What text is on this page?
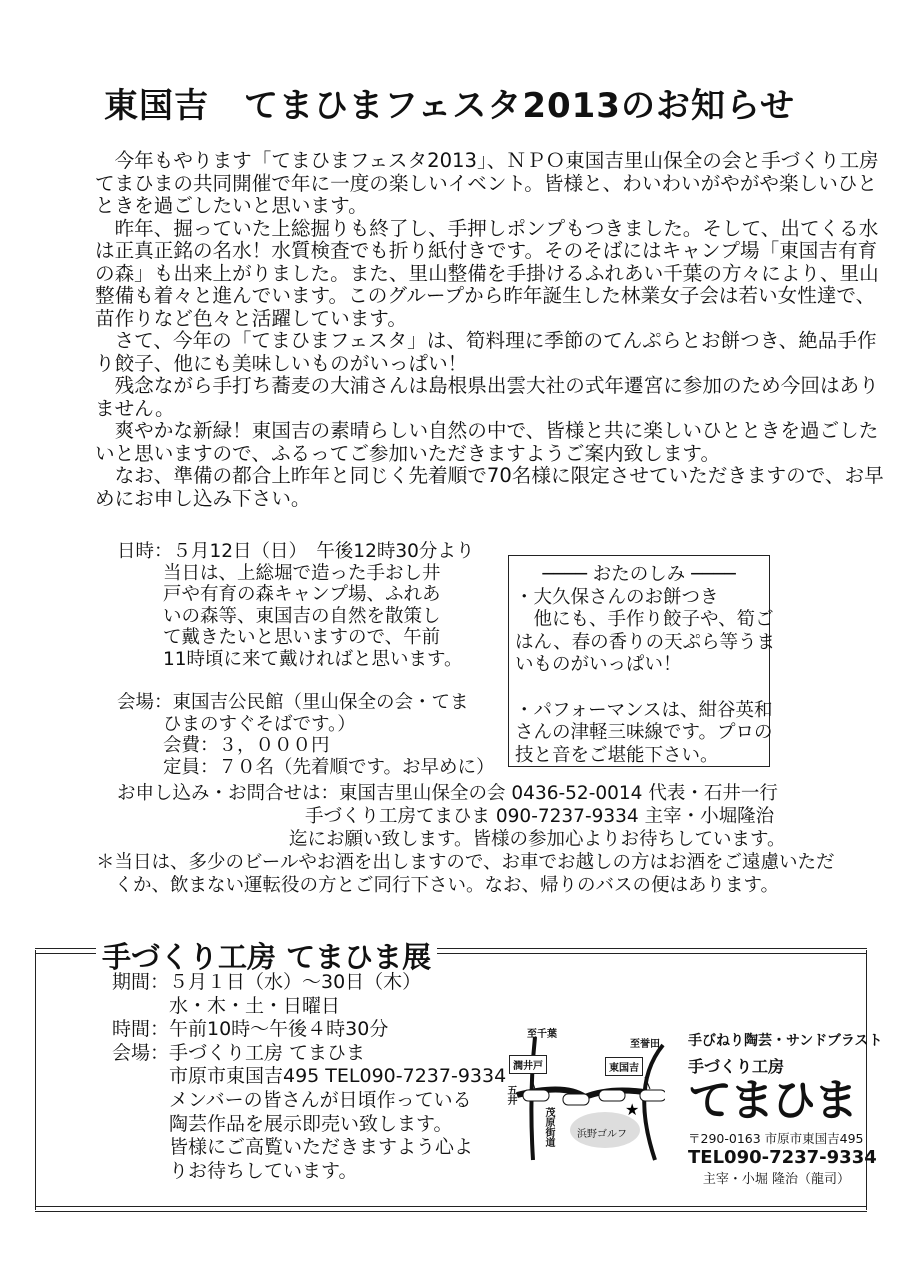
東国吉　てまひまフェスタ2013のお知らせ
　今年もやります「てまひまフェスタ2013」、ＮＰＯ東国吉里山保全の会と手づくり工房
てまひまの共同開催で年に一度の楽しいイベント。皆様と、わいわいがやがや楽しいひと
ときを過ごしたいと思います。
　昨年、掘っていた上総掘りも終了し、手押しポンプもつきました。そして、出てくる水
は正真正銘の名水！水質検査でも折り紙付きです。そのそばにはキャンプ場「東国吉有育
の森」も出来上がりました。また、里山整備を手掛けるふれあい千葉の方々により、里山
整備も着々と進んでいます。このグループから昨年誕生した林業女子会は若い女性達で、
苗作りなど色々と活躍しています。
　さて、今年の「てまひまフェスタ」は、筍料理に季節のてんぷらとお餅つき、絶品手作
り餃子、他にも美味しいものがいっぱい！
　残念ながら手打ち蕎麦の大浦さんは島根県出雲大社の式年遷宮に参加のため今回はあり
ません。
　爽やかな新緑！東国吉の素晴らしい自然の中で、皆様と共に楽しいひとときを過ごした
いと思いますので、ふるってご参加いただきますようご案内致します。
　なお、準備の都合上昨年と同じく先着順で70名様に限定させていただきますので、お早
めにお申し込み下さい。
日時：５月12日（日）　午後12時30分より
当日は、上総堀で造った手おし井
戸や有育の森キャンプ場、ふれあ
いの森等、東国吉の自然を散策し
て戴きたいと思いますので、午前
11時頃に来て戴ければと思います。

会場：東国吉公民館（里山保全の会・てま
ひまのすぐそばです。）
会費：３，０００円
定員：７０名（先着順です。お早めに）
──── おたのしみ ────
・大久保さんのお餅つき
　他にも、手作り餃子や、筍ご
はん、春の香りの天ぷら等うま
いものがいっぱい！

・パフォーマンスは、紺谷英和
さんの津軽三味線です。プロの
技と音をご堪能下さい。
お申し込み・お問合せは：東国吉里山保全の会 0436-52-0014 代表・石井一行
手づくり工房てまひま 090-7237-9334 主宰・小堀隆治
迄にお願い致します。皆様の参加心よりお待ちしています。
＊当日は、多少のビールやお酒を出しますので、お車でお越しの方はお酒をご遠慮いただ
　くか、飲まない運転役の方とご同行下さい。なお、帰りのバスの便はあります。
手づくり工房 てまひま展
期間：５月１日（水）～30日（木）
　　　水・木・土・日曜日
時間：午前10時～午後４時30分
会場：手づくり工房 てまひま
　　　市原市東国吉495 TEL090-7237-9334
　　　メンバーの皆さんが日頃作っている
　　　陶芸作品を展示即売い致します。
　　　皆様にご高覧いただきますよう心よ
　　　りお待ちしています。
★
至千葉
至誉田
潤井戸	東国吉
五井
茂原街道 浜野ゴルフ
手びねり陶芸・サンドブラスト
手づくり工房
てまひま
〒290-0163 市原市東国吉495
TEL090-7237-9334
主宰・小堀 隆治（龍司）
